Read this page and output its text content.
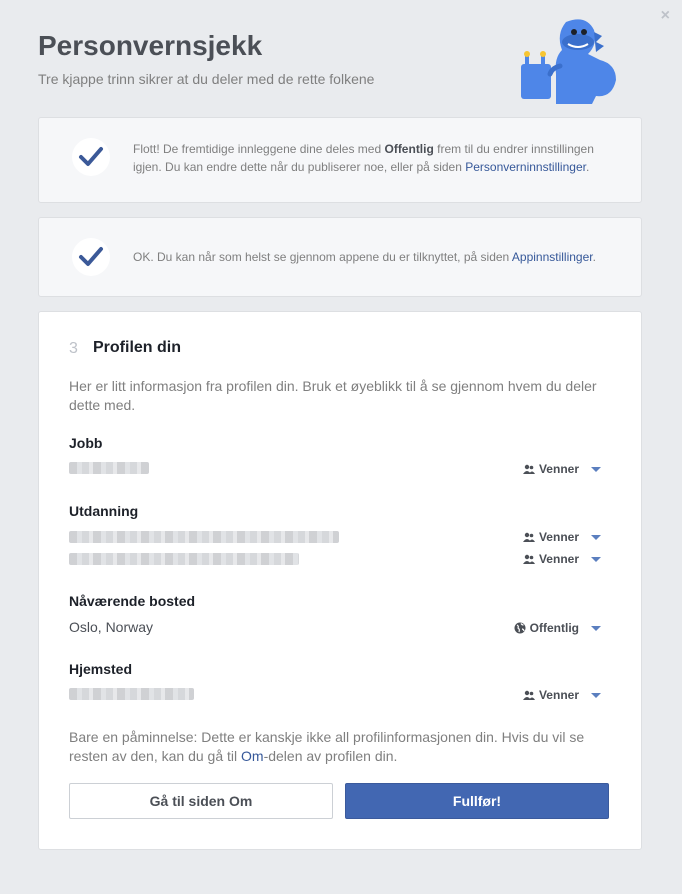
×
Personvernsjekk
Tre kjappe trinn sikrer at du deler med de rette folkene
Flott! De fremtidige innleggene dine deles med Offentlig frem til du endrer innstillingen igjen. Du kan endre dette når du publiserer noe, eller på siden Personverninnstillinger.
OK. Du kan når som helst se gjennom appene du er tilknyttet, på siden Appinnstillinger.
3 Profilen din
Her er litt informasjon fra profilen din. Bruk et øyeblikk til å se gjennom hvem du deler dette med.
Jobb
Venner
Utdanning
Venner
Venner
Nåværende bosted
Oslo, Norway	Offentlig
Hjemsted
Venner
Bare en påminnelse: Dette er kanskje ikke all profilinformasjonen din. Hvis du vil se resten av den, kan du gå til Om-delen av profilen din.
Gå til siden Om	Fullfør!
